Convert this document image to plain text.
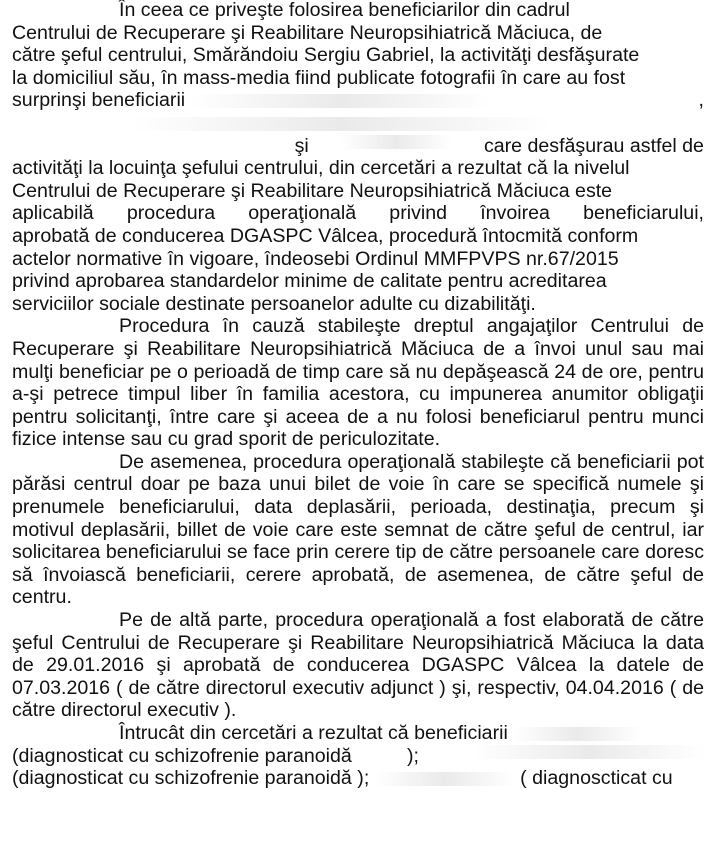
În ceea ce priveşte folosirea beneficiarilor din cadrul
Centrului de Recuperare şi Reabilitare Neuropsihiatrică Măciuca, de
către şeful centrului, Smărăndoiu Sergiu Gabriel, la activităţi desfăşurate
la domiciliul său, în mass-media fiind publicate fotografii în care au fost
surprinşi beneficiarii	,
şi	care desfăşurau astfel de
activităţi la locuinţa şefului centrului, din cercetări a rezultat că la nivelul
Centrului de Recuperare şi Reabilitare Neuropsihiatrică Măciuca este

aplicabilă procedura operaţională privind învoirea beneficiarului,

aprobată de conducerea DGASPC Vâlcea, procedură întocmită conform
actelor normative în vigoare, îndeosebi Ordinul MMFPVPS nr.67/2015
privind aprobarea standardelor minime de calitate pentru acreditarea
serviciilor sociale destinate persoanelor adulte cu dizabilităţi.

Procedura în cauză stabileşte dreptul angajaţilor Centrului de Recuperare şi Reabilitare Neuropsihiatrică Măciuca de a învoi unul sau mai mulţi beneficiar pe o perioadă de timp care să nu depăşească 24 de ore, pentru a-şi petrece timpul liber în familia acestora, cu impunerea anumitor obligaţii pentru solicitanţi, între care şi aceea de a nu folosi beneficiarul pentru munci fizice intense sau cu grad sporit de periculozitate.

De asemenea, procedura operaţională stabileşte că beneficiarii pot părăsi centrul doar pe baza unui bilet de voie în care se specifică numele şi prenumele beneficiarului, data deplasării, perioada, destinaţia, precum şi motivul deplasării, billet de voie care este semnat de către şeful de centrul, iar solicitarea beneficiarului se face prin cerere tip de către persoanele care doresc să învoiască beneficiarii, cerere aprobată, de asemenea, de către şeful de centru.

Pe de altă parte, procedura operaţională a fost elaborată de către şeful Centrului de Recuperare şi Reabilitare Neuropsihiatrică Măciuca la data de 29.01.2016 şi aprobată de conducerea DGASPC Vâlcea la datele de 07.03.2016 ( de către directorul executiv adjunct ) şi, respectiv, 04.04.2016 ( de către directorul executiv ).

Întrucât din cercetări a rezultat că beneficiarii
(diagnosticat cu schizofrenie paranoidă	);
(diagnosticat cu schizofrenie paranoidă );	( diagnoscticat cu
